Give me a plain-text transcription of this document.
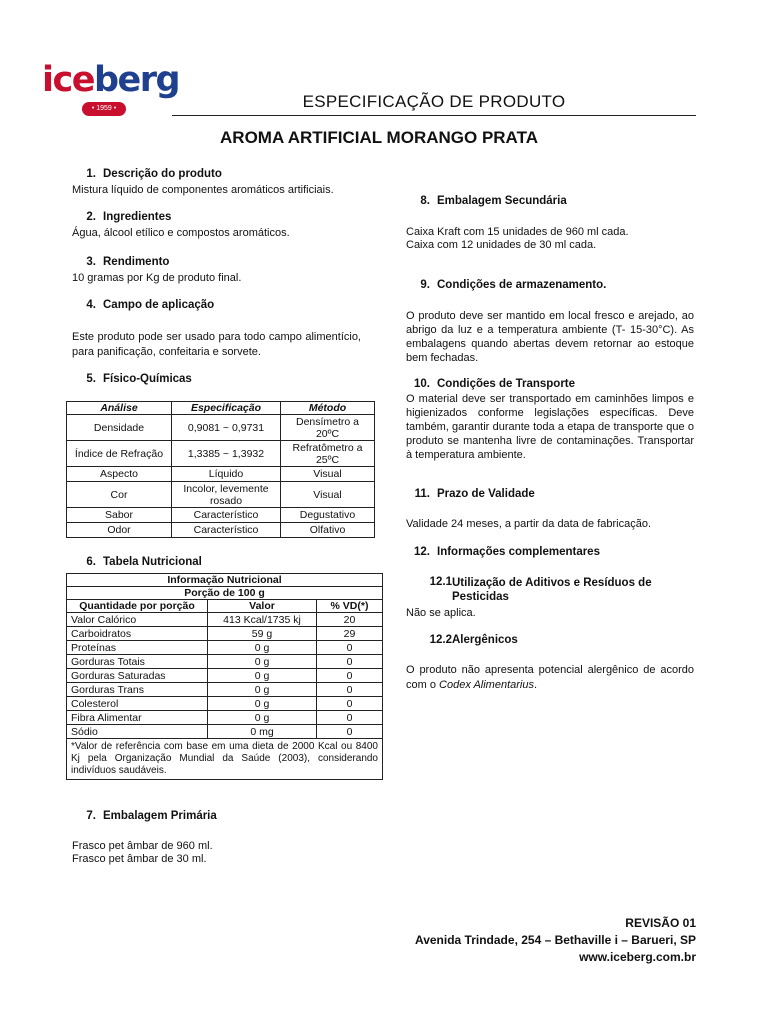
iceberg
• 1959 •	ESPECIFICAÇÃO DE PRODUTO
AROMA ARTIFICIAL MORANGO PRATA
1. Descrição do produto
Mistura líquido de componentes aromáticos artificiais.
2. Ingredientes
Água, álcool etílico e compostos aromáticos.
3. Rendimento
10 gramas por Kg de produto final.
4. Campo de aplicação
Este produto pode ser usado para todo campo alimentício, para panificação, confeitaria e sorvete.
5. Físico-Químicas
Análise	Especificação	Método
Densidade	0,9081 ~ 0,9731	Densímetro a 20ºC
Índice de Refração	1,3385 ~ 1,3932	Refratômetro a 25ºC
Aspecto	Líquido	Visual
Cor	Incolor, levemente rosado	Visual
Sabor	Característico	Degustativo
Odor	Característico	Olfativo
6. Tabela Nutricional
Informação Nutricional		
Porção de 100 g		
Quantidade por porção	Valor	% VD(*)
Valor Calórico	413 Kcal/1735 kj	20
Carboidratos	59 g	29
Proteínas	0 g	0
Gorduras Totais	0 g	0
Gorduras Saturadas	0 g	0
Gorduras Trans	0 g	0
Colesterol	0 g	0
Fibra Alimentar	0 g	0
Sódio	0 mg	0
*Valor de referência com base em uma dieta de 2000 Kcal ou 8400 Kj pela Organização Mundial da Saúde (2003), considerando indivíduos saudáveis.		
7. Embalagem Primária
Frasco pet âmbar de 960 ml.
Frasco pet âmbar de 30 ml.
8. Embalagem Secundária
Caixa Kraft com 15 unidades de 960 ml cada.
Caixa com 12 unidades de 30 ml cada.
9. Condições de armazenamento.
O produto deve ser mantido em local fresco e arejado, ao abrigo da luz e a temperatura ambiente (T- 15-30°C). As embalagens quando abertas devem retornar ao estoque bem fechadas.
10. Condições de Transporte
O material deve ser transportado em caminhões limpos e higienizados conforme legislações específicas. Deve também, garantir durante toda a etapa de transporte que o produto se mantenha livre de contaminações. Transportar à temperatura ambiente.
11. Prazo de Validade
Validade 24 meses, a partir da data de fabricação.
12. Informações complementares
12.1 Utilização de Aditivos e Resíduos de Pesticidas
Não se aplica.
12.2Alergênicos
O produto não apresenta potencial alergênico de acordo com o Codex Alimentarius.
REVISÃO 01
Avenida Trindade, 254 – Bethaville i – Barueri, SP
www.iceberg.com.br
